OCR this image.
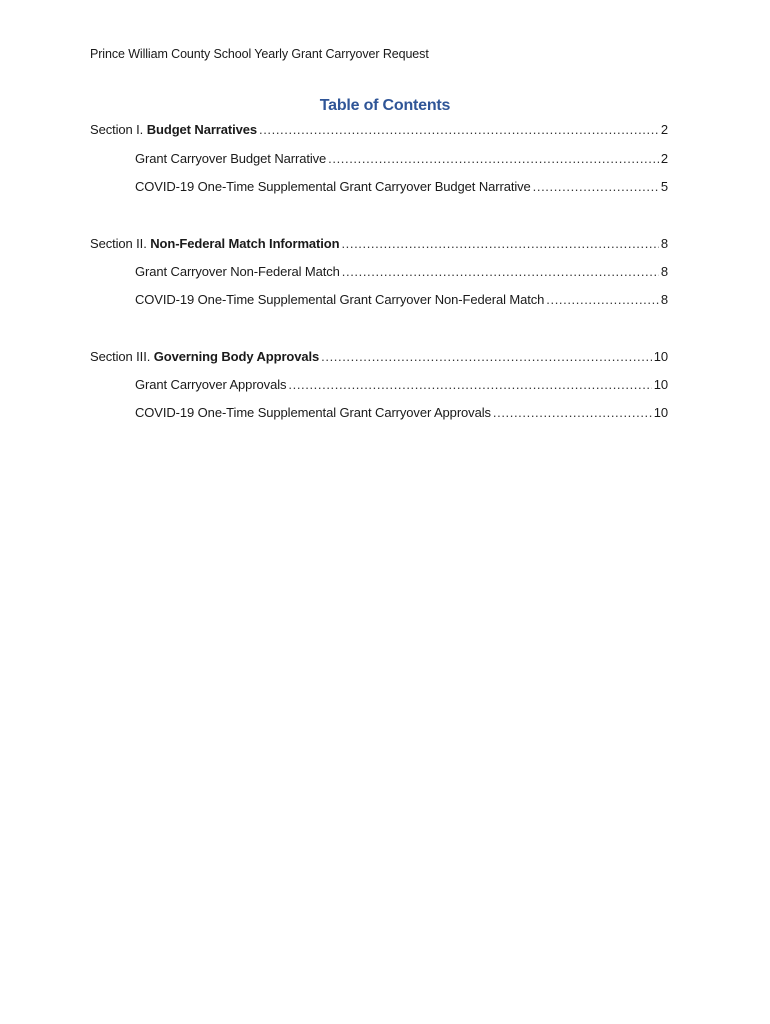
Prince William County School Yearly Grant Carryover Request
Table of Contents
Section I. Budget Narratives .....	2
Grant Carryover Budget Narrative .....	2
COVID-19 One-Time Supplemental Grant Carryover Budget Narrative .....	5
Section II. Non-Federal Match Information .....	8
Grant Carryover Non-Federal Match .....	8
COVID-19 One-Time Supplemental Grant Carryover Non-Federal Match .....	8
Section III. Governing Body Approvals .....	10
Grant Carryover Approvals .....	10
COVID-19 One-Time Supplemental Grant Carryover Approvals .....	10
